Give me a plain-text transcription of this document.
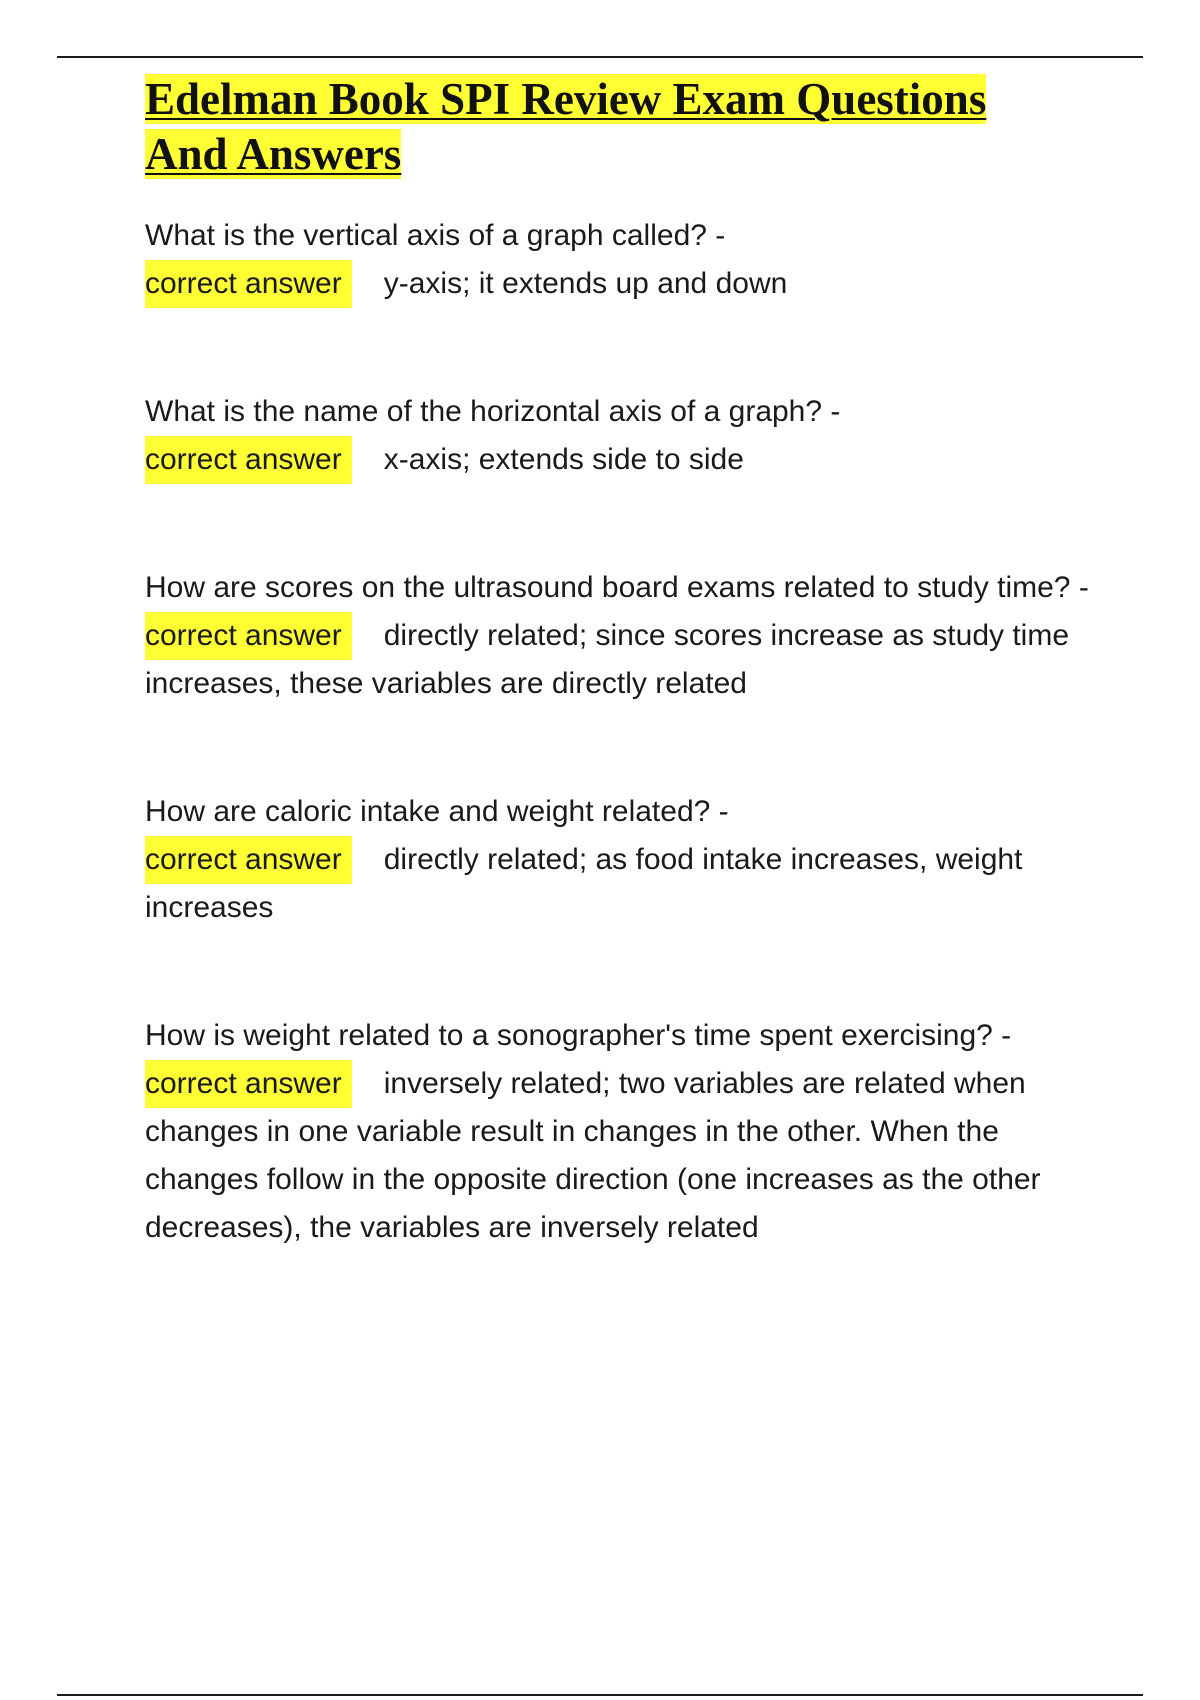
Edelman Book SPI Review Exam Questions And Answers

What is the vertical axis of a graph called? -

correct answer y-axis; it extends up and down

What is the name of the horizontal axis of a graph? -

correct answer x-axis; extends side to side

How are scores on the ultrasound board exams related to study time? -

correct answer directly related; since scores increase as study time increases, these variables are directly related

How are caloric intake and weight related? -

correct answer directly related; as food intake increases, weight increases

How is weight related to a sonographer's time spent exercising? -

correct answer inversely related; two variables are related when changes in one variable result in changes in the other. When the changes follow in the opposite direction (one increases as the other decreases), the variables are inversely related
